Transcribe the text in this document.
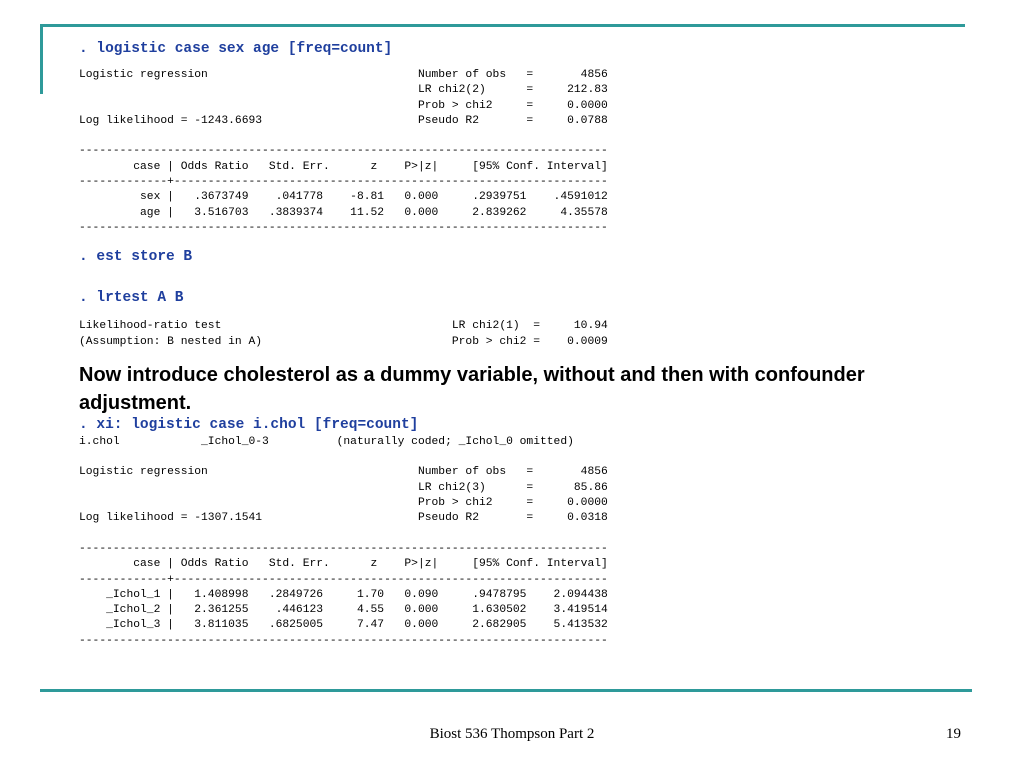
. logistic case sex age [freq=count]

Logistic regression                               Number of obs   =       4856
LR chi2(2)      =     212.83
Prob > chi2     =     0.0000
Log likelihood = -1243.6693                       Pseudo R2       =     0.0788

------------------------------------------------------------------------------
case | Odds Ratio   Std. Err.      z    P>|z|     [95% Conf. Interval]
-------------+----------------------------------------------------------------
sex |   .3673749    .041778    -8.81   0.000     .2939751    .4591012
age |   3.516703   .3839374    11.52   0.000     2.839262     4.35578
------------------------------------------------------------------------------

. est store B

. lrtest A B

Likelihood-ratio test                                  LR chi2(1)  =     10.94
(Assumption: B nested in A)                            Prob > chi2 =    0.0009

Now introduce cholesterol as a dummy variable, without and then with confounder adjustment.

. xi: logistic case i.chol [freq=count]

i.chol            _Ichol_0-3          (naturally coded; _Ichol_0 omitted)

Logistic regression                               Number of obs   =       4856
LR chi2(3)      =      85.86
Prob > chi2     =     0.0000
Log likelihood = -1307.1541                       Pseudo R2       =     0.0318

------------------------------------------------------------------------------
case | Odds Ratio   Std. Err.      z    P>|z|     [95% Conf. Interval]
-------------+----------------------------------------------------------------
_Ichol_1 |   1.408998   .2849726     1.70   0.090     .9478795    2.094438
_Ichol_2 |   2.361255    .446123     4.55   0.000     1.630502    3.419514
_Ichol_3 |   3.811035   .6825005     7.47   0.000     2.682905    5.413532
------------------------------------------------------------------------------
Biost 536 Thompson Part 2	19
